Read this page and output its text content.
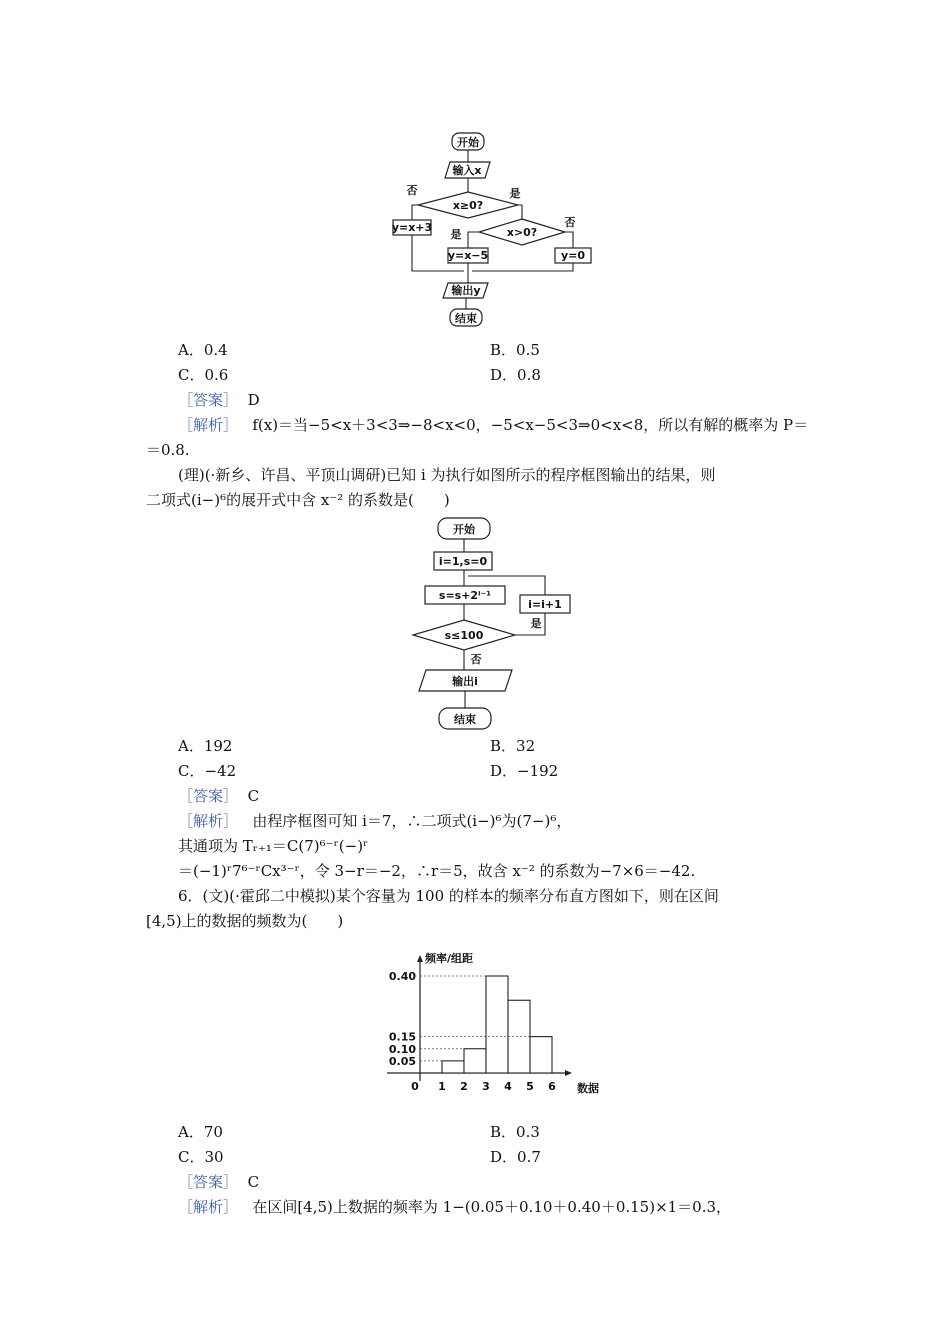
开始
输入x
x≥0?
否	是
y=x+3	x>0?
是
否
y=x−5	y=0
输出y
结束
开始
i=1,s=0
s=s+2ⁱ⁻¹
i=i+1
s≤100
是
否
输出i
结束
频率/组距
数据
0.05
0.10
0.15
0.40
0 1 2 3 4 5 6
A．0.4	B．0.5
C．0.6	D．0.8
［答案］ D
［解析］ f(x)＝当−5<x＋3<3⇒−8<x<0，−5<x−5<3⇒0<x<8，所以有解的概率为 P＝
＝0.8.
(理)(·新乡、许昌、平顶山调研)已知 i 为执行如图所示的程序框图输出的结果，则
二项式(i−)⁶的展开式中含 x⁻² 的系数是(　　)
A．192	B．32
C．−42	D．−192
［答案］ C
［解析］ 由程序框图可知 i＝7，∴二项式(i−)⁶为(7−)⁶，
其通项为 Tᵣ₊₁＝C(7)⁶⁻ʳ(−)ʳ
＝(−1)ʳ7⁶⁻ʳCx³⁻ʳ，令 3−r＝−2，∴r＝5，故含 x⁻² 的系数为−7×6＝−42.
6．(文)(·霍邱二中模拟)某个容量为 100 的样本的频率分布直方图如下，则在区间
[4,5)上的数据的频数为(　　)
A．70	B．0.3
C．30	D．0.7
［答案］ C
［解析］ 在区间[4,5)上数据的频率为 1−(0.05＋0.10＋0.40＋0.15)×1＝0.3，
